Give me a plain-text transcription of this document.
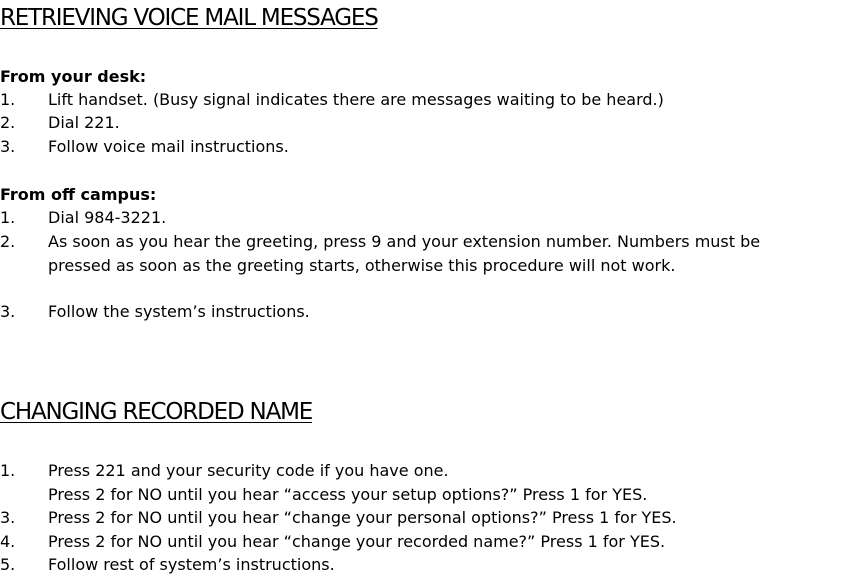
RETRIEVING VOICE MAIL MESSAGES
From your desk:
1. Lift handset. (Busy signal indicates there are messages waiting to be heard.)
2. Dial 221.
3. Follow voice mail instructions.
From off campus:
1. Dial 984-3221.
2. As soon as you hear the greeting, press 9 and your extension number. Numbers must be pressed as soon as the greeting starts, otherwise this procedure will not work.
3. Follow the system’s instructions.
CHANGING RECORDED NAME
1. Press 221 and your security code if you have one.
Press 2 for NO until you hear “access your setup options?” Press 1 for YES.
3. Press 2 for NO until you hear “change your personal options?” Press 1 for YES.
4. Press 2 for NO until you hear “change your recorded name?” Press 1 for YES.
5. Follow rest of system’s instructions.
